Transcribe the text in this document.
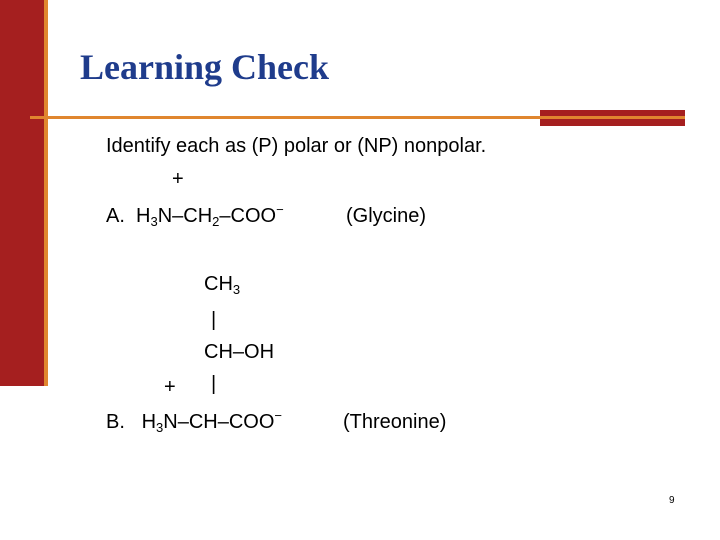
Learning Check
Identify each as (P) polar or (NP) nonpolar.
+
A. $H_3N-CH_2-COO^-$	(Glycine)
$CH_3$
|
CH–OH
|
+
B. $H_3N-CH-COO^-$	(Threonine)
9
